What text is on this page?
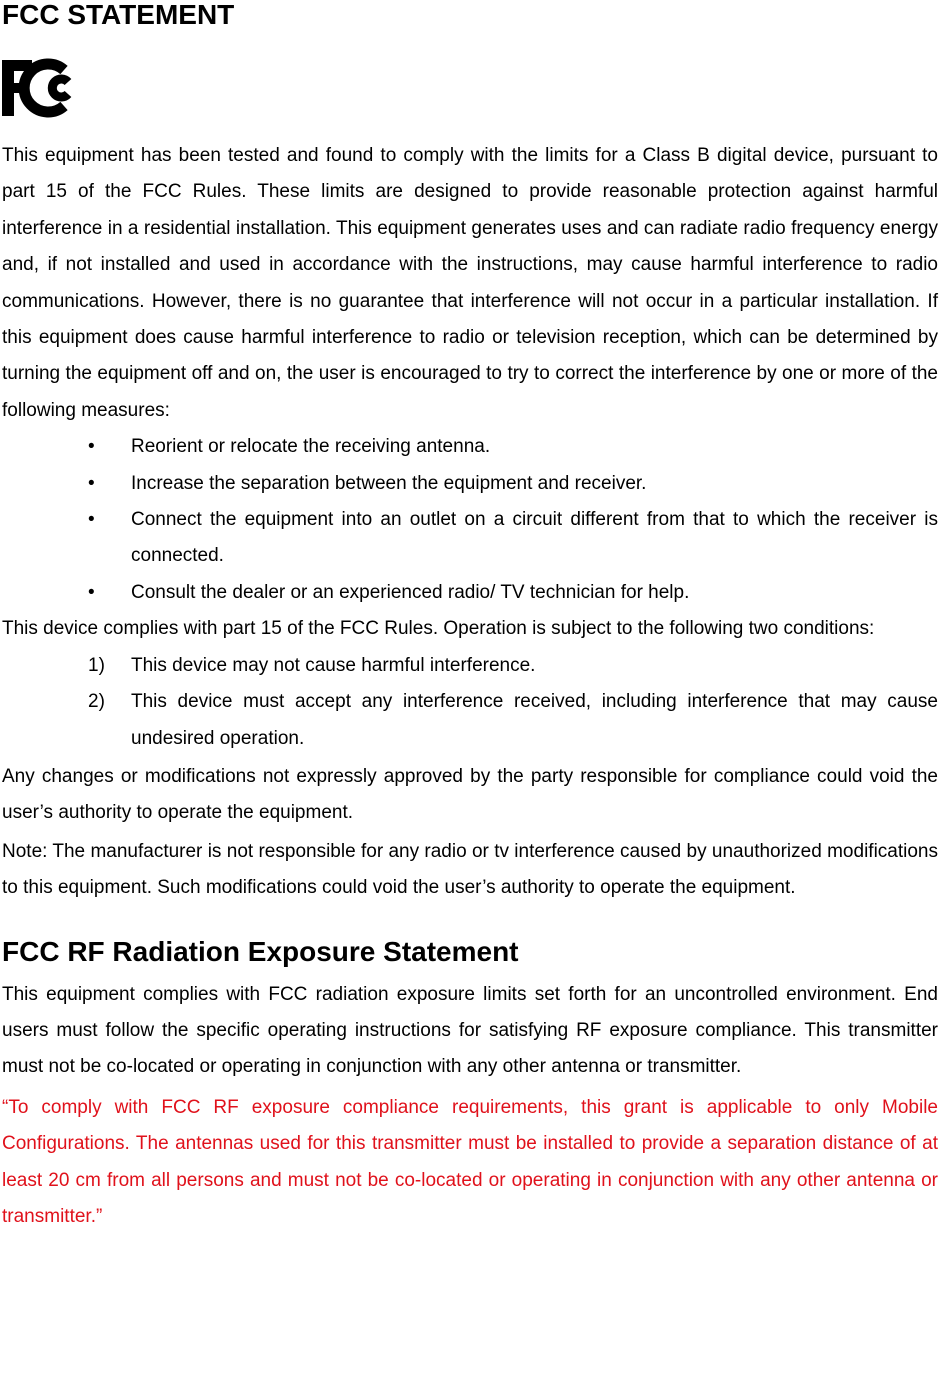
FCC STATEMENT

This equipment has been tested and found to comply with the limits for a Class B digital device, pursuant to part 15 of the FCC Rules. These limits are designed to provide reasonable protection against harmful interference in a residential installation. This equipment generates uses and can radiate radio frequency energy and, if not installed and used in accordance with the instructions, may cause harmful interference to radio communications. However, there is no guarantee that interference will not occur in a particular installation. If this equipment does cause harmful interference to radio or television reception, which can be determined by turning the equipment off and on, the user is encouraged to try to correct the interference by one or more of the following measures:

• Reorient or relocate the receiving antenna.
• Increase the separation between the equipment and receiver.
• Connect the equipment into an outlet on a circuit different from that to which the receiver is connected.
• Consult the dealer or an experienced radio/ TV technician for help.

This device complies with part 15 of the FCC Rules. Operation is subject to the following two conditions:

1) This device may not cause harmful interference.
2) This device must accept any interference received, including interference that may cause undesired operation.

Any changes or modifications not expressly approved by the party responsible for compliance could void the user’s authority to operate the equipment.

Note: The manufacturer is not responsible for any radio or tv interference caused by unauthorized modifications to this equipment. Such modifications could void the user’s authority to operate the equipment.

FCC RF Radiation Exposure Statement

This equipment complies with FCC radiation exposure limits set forth for an uncontrolled environment. End users must follow the specific operating instructions for satisfying RF exposure compliance. This transmitter must not be co-located or operating in conjunction with any other antenna or transmitter.

“To comply with FCC RF exposure compliance requirements, this grant is applicable to only Mobile Configurations. The antennas used for this transmitter must be installed to provide a separation distance of at least 20 cm from all persons and must not be co-located or operating in conjunction with any other antenna or transmitter.”
